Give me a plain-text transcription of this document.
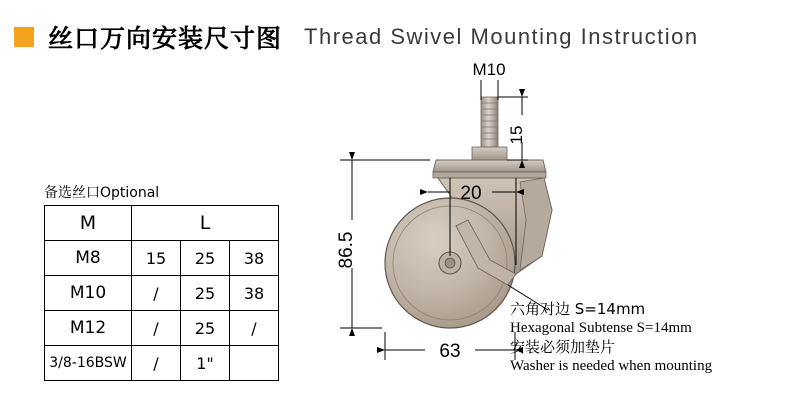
丝口万向安装尺寸图 Thread Swivel Mounting Instruction
备选丝口Optional
M	L		
M8	15	25	38
M10	/	25	38
M12	/	25	/
3/8-16BSW	/	1"	
M10
15
86.5
20
63
六角对边 S=14mm
Hexagonal Subtense S=14mm
安装必须加垫片
Washer is needed when mounting
